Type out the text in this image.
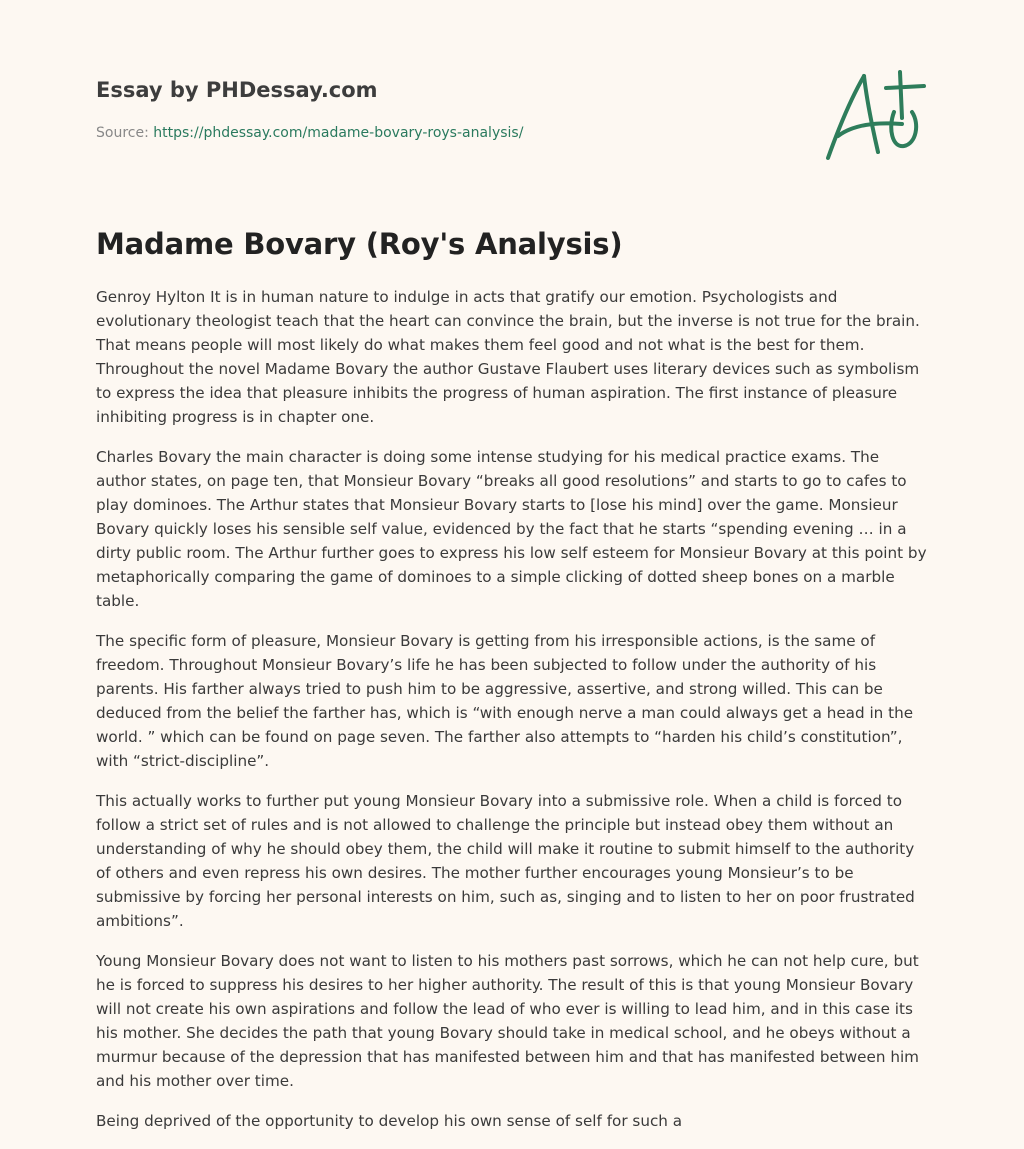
Essay by PHDessay.com
Source: https://phdessay.com/madame-bovary-roys-analysis/
Madame Bovary (Roy's Analysis)

Genroy Hylton It is in human nature to indulge in acts that gratify our emotion. Psychologists and evolutionary theologist teach that the heart can convince the brain, but the inverse is not true for the brain. That means people will most likely do what makes them feel good and not what is the best for them. Throughout the novel Madame Bovary the author Gustave Flaubert uses literary devices such as symbolism to express the idea that pleasure inhibits the progress of human aspiration. The first instance of pleasure inhibiting progress is in chapter one.

Charles Bovary the main character is doing some intense studying for his medical practice exams. The author states, on page ten, that Monsieur Bovary “breaks all good resolutions” and starts to go to cafes to play dominoes. The Arthur states that Monsieur Bovary starts to [lose his mind] over the game. Monsieur Bovary quickly loses his sensible self value, evidenced by the fact that he starts “spending evening … in a dirty public room. The Arthur further goes to express his low self esteem for Monsieur Bovary at this point by metaphorically comparing the game of dominoes to a simple clicking of dotted sheep bones on a marble table.

The specific form of pleasure, Monsieur Bovary is getting from his irresponsible actions, is the same of freedom. Throughout Monsieur Bovary’s life he has been subjected to follow under the authority of his parents. His farther always tried to push him to be aggressive, assertive, and strong willed. This can be deduced from the belief the farther has, which is “with enough nerve a man could always get a head in the world. ” which can be found on page seven. The farther also attempts to “harden his child’s constitution”, with “strict-discipline”.

This actually works to further put young Monsieur Bovary into a submissive role. When a child is forced to follow a strict set of rules and is not allowed to challenge the principle but instead obey them without an understanding of why he should obey them, the child will make it routine to submit himself to the authority of others and even repress his own desires. The mother further encourages young Monsieur’s to be submissive by forcing her personal interests on him, such as, singing and to listen to her on poor frustrated ambitions”.

Young Monsieur Bovary does not want to listen to his mothers past sorrows, which he can not help cure, but he is forced to suppress his desires to her higher authority. The result of this is that young Monsieur Bovary will not create his own aspirations and follow the lead of who ever is willing to lead him, and in this case its his mother. She decides the path that young Bovary should take in medical school, and he obeys without a murmur because of the depression that has manifested between him and that has manifested between him and his mother over time.

Being deprived of the opportunity to develop his own sense of self for such a
